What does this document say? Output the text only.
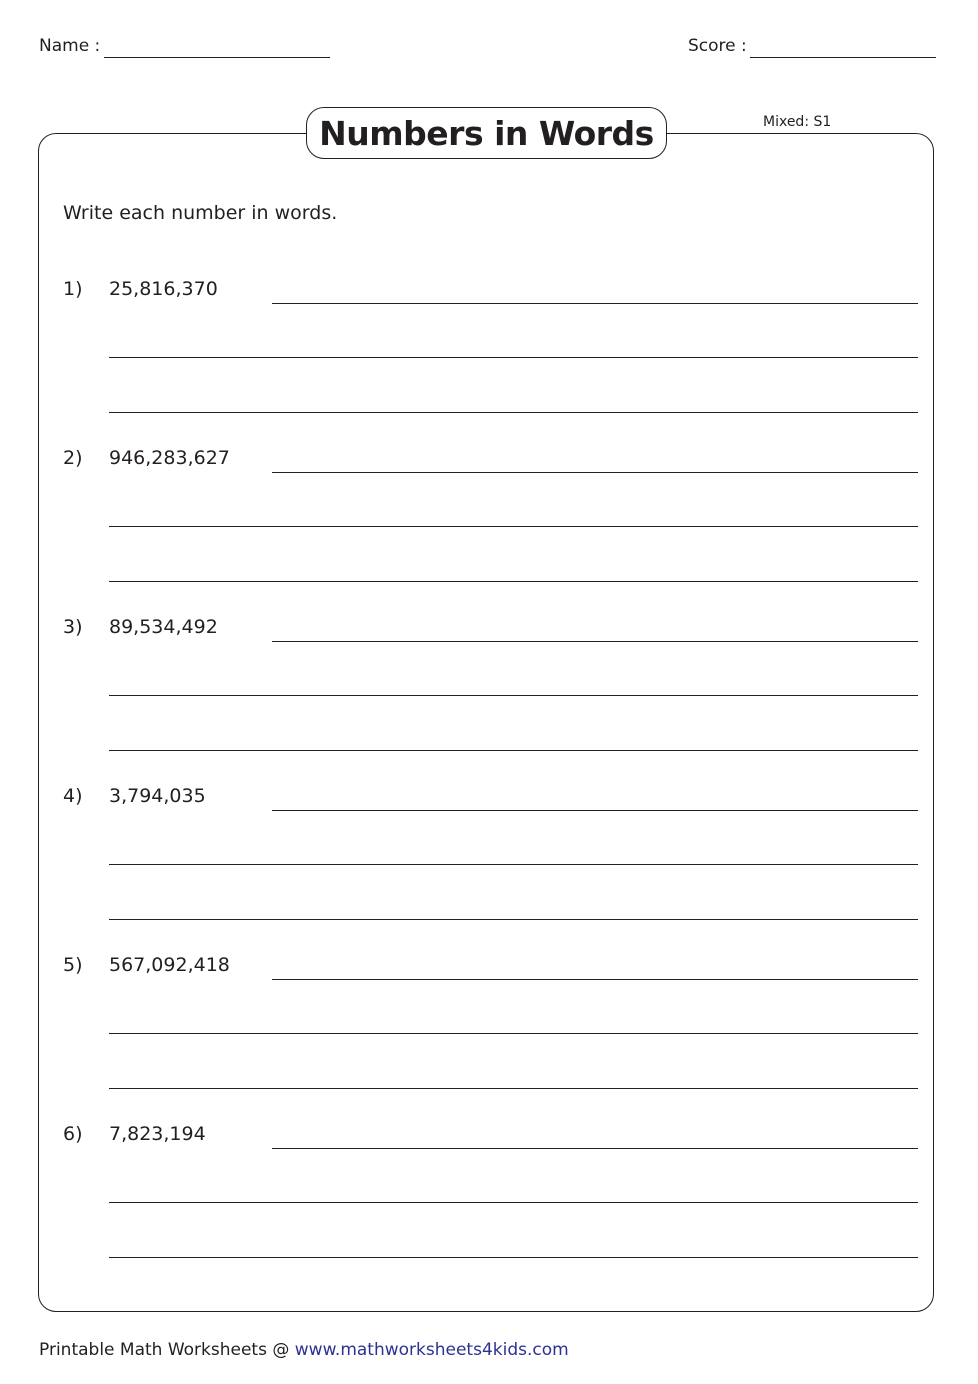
Name :	Score :
Numbers in Words	Mixed: S1
Write each number in words.
1) 25,816,370
2) 946,283,627
3) 89,534,492
4) 3,794,035
5) 567,092,418
6) 7,823,194
Printable Math Worksheets @ www.mathworksheets4kids.com
